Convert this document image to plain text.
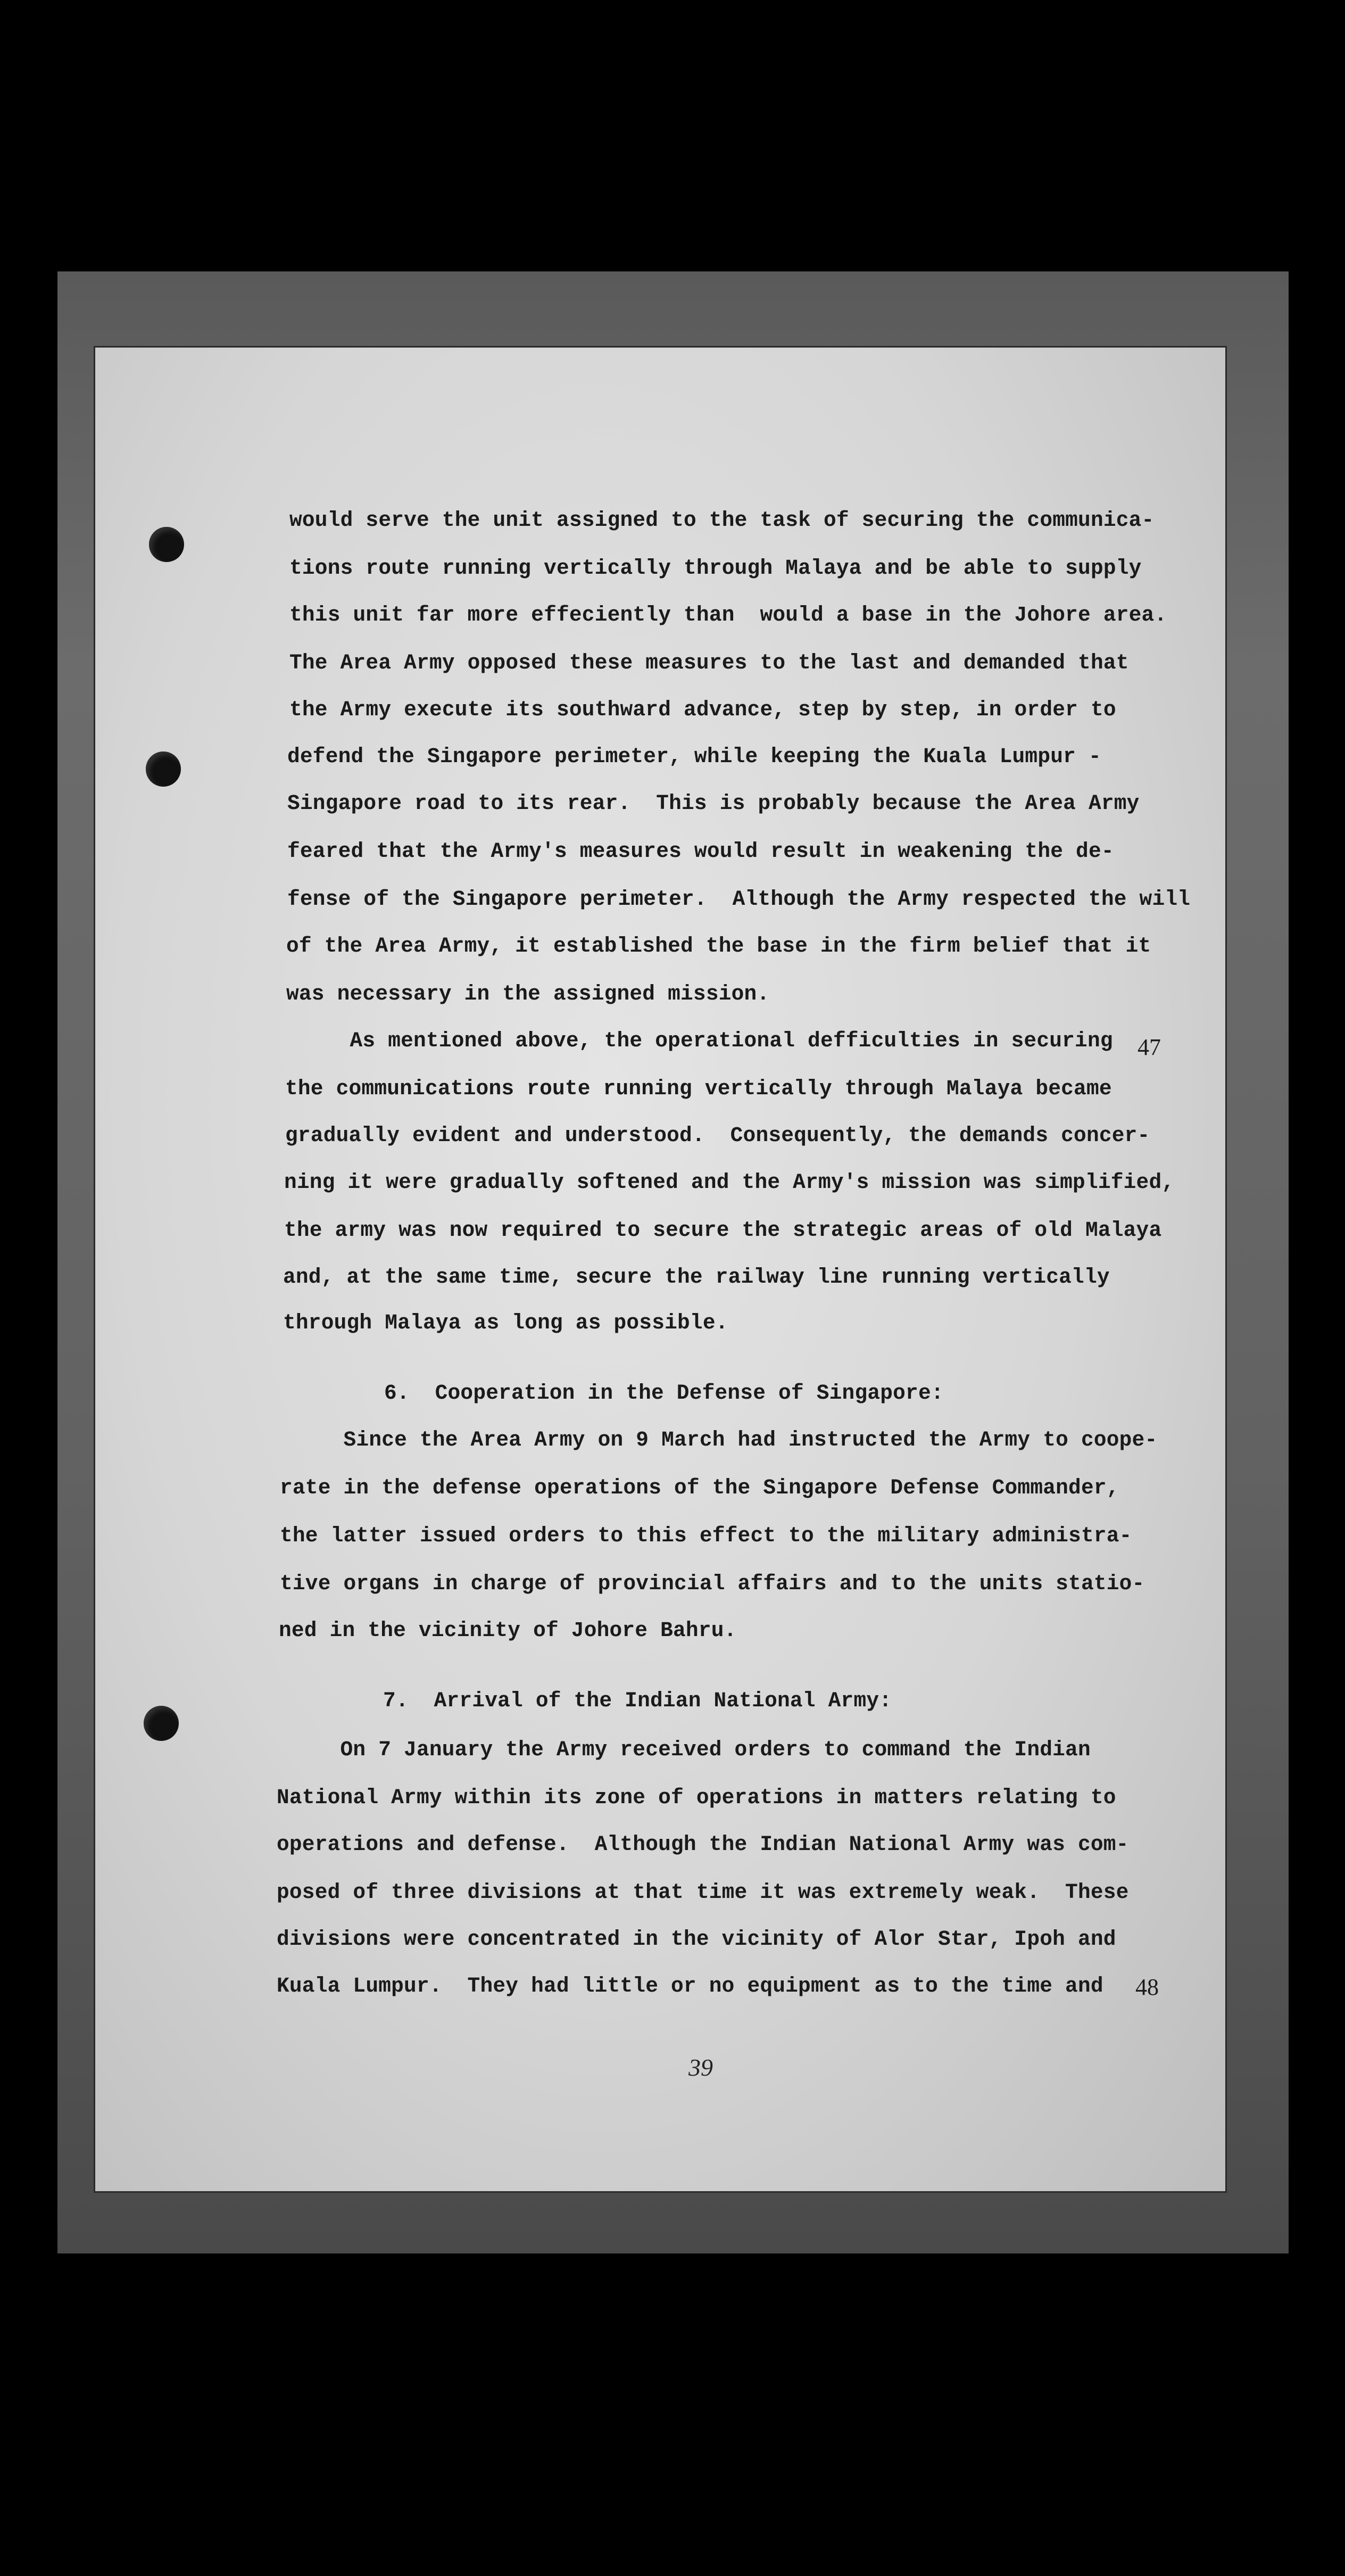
would serve the unit assigned to the task of securing the communica-
tions route running vertically through Malaya and be able to supply
this unit far more effeciently than  would a base in the Johore area.
The Area Army opposed these measures to the last and demanded that
the Army execute its southward advance, step by step, in order to
defend the Singapore perimeter, while keeping the Kuala Lumpur -
Singapore road to its rear.  This is probably because the Area Army
feared that the Army's measures would result in weakening the de-
fense of the Singapore perimeter.  Although the Army respected the will
of the Area Army, it established the base in the firm belief that it
was necessary in the assigned mission.
As mentioned above, the operational defficulties in securing
the communications route running vertically through Malaya became
gradually evident and understood.  Consequently, the demands concer-
ning it were gradually softened and the Army's mission was simplified,
the army was now required to secure the strategic areas of old Malaya
and, at the same time, secure the railway line running vertically
through Malaya as long as possible.
6.  Cooperation in the Defense of Singapore:
Since the Area Army on 9 March had instructed the Army to coope-
rate in the defense operations of the Singapore Defense Commander,
the latter issued orders to this effect to the military administra-
tive organs in charge of provincial affairs and to the units statio-
ned in the vicinity of Johore Bahru.
7.  Arrival of the Indian National Army:
On 7 January the Army received orders to command the Indian
National Army within its zone of operations in matters relating to
operations and defense.  Although the Indian National Army was com-
posed of three divisions at that time it was extremely weak.  These
divisions were concentrated in the vicinity of Alor Star, Ipoh and
Kuala Lumpur.  They had little or no equipment as to the time and
47
48
39
